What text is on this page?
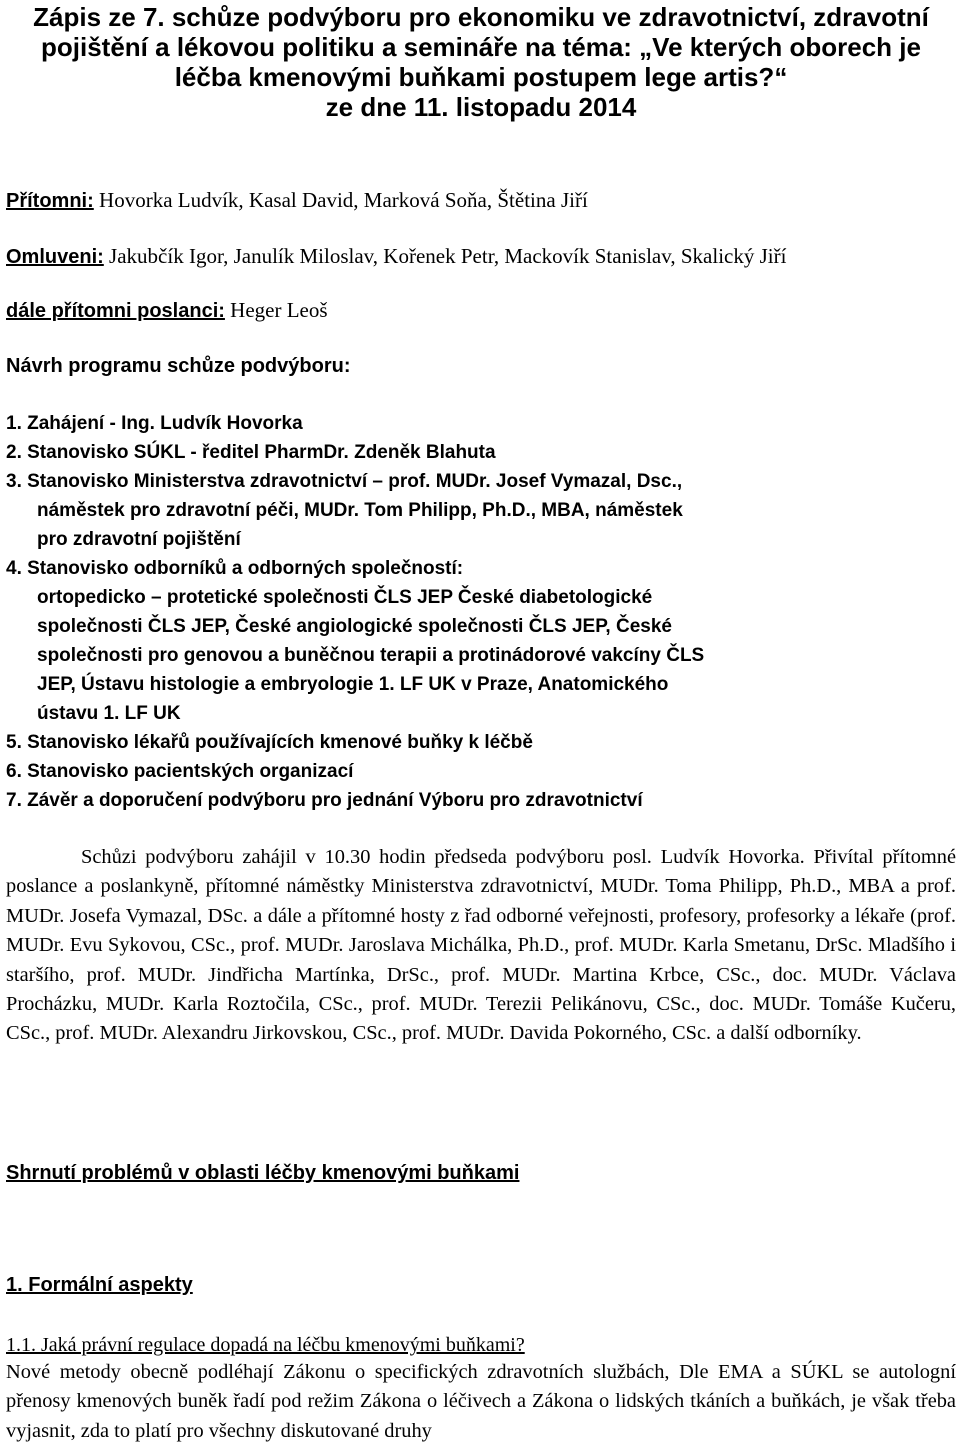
Zápis ze 7. schůze podvýboru pro ekonomiku ve zdravotnictví, zdravotní
pojištění a lékovou politiku a semináře na téma: „Ve kterých oborech je
léčba kmenovými buňkami postupem lege artis?“
ze dne 11. listopadu 2014
Přítomni: Hovorka Ludvík, Kasal David, Marková Soňa, Štětina Jiří
Omluveni: Jakubčík Igor, Janulík Miloslav, Kořenek Petr, Mackovík Stanislav, Skalický Jiří
dále přítomni poslanci: Heger Leoš
Návrh programu schůze podvýboru:
1. Zahájení - Ing. Ludvík Hovorka
2. Stanovisko SÚKL - ředitel PharmDr. Zdeněk Blahuta
3. Stanovisko Ministerstva zdravotnictví – prof. MUDr. Josef Vymazal, Dsc.,
náměstek pro zdravotní péči, MUDr. Tom Philipp, Ph.D., MBA, náměstek
pro zdravotní pojištění
4. Stanovisko odborníků a odborných společností:
ortopedicko – protetické společnosti ČLS JEP České diabetologické
společnosti ČLS JEP, České angiologické společnosti ČLS JEP, České
společnosti pro genovou a buněčnou terapii a protinádorové vakcíny ČLS
JEP, Ústavu histologie a embryologie 1. LF UK v Praze, Anatomického
ústavu 1. LF UK
5. Stanovisko lékařů používajících kmenové buňky k léčbě
6. Stanovisko pacientských organizací
7. Závěr a doporučení podvýboru pro jednání Výboru pro zdravotnictví
Schůzi podvýboru zahájil v 10.30 hodin předseda podvýboru posl. Ludvík Hovorka. Přivítal přítomné poslance a poslankyně, přítomné náměstky Ministerstva zdravotnictví, MUDr. Toma Philipp, Ph.D., MBA a prof. MUDr. Josefa Vymazal, DSc. a dále a přítomné hosty z řad odborné veřejnosti, profesory, profesorky a lékaře (prof. MUDr. Evu Sykovou, CSc., prof. MUDr. Jaroslava Michálka, Ph.D., prof. MUDr. Karla Smetanu, DrSc. Mladšího i staršího, prof. MUDr. Jindřicha Martínka, DrSc., prof. MUDr. Martina Krbce, CSc., doc. MUDr. Václava Procházku, MUDr. Karla Roztočila, CSc., prof. MUDr. Terezii Pelikánovu, CSc., doc. MUDr. Tomáše Kučeru, CSc., prof. MUDr. Alexandru Jirkovskou, CSc., prof. MUDr. Davida Pokorného, CSc. a další odborníky.
Shrnutí problémů v oblasti léčby kmenovými buňkami
1. Formální aspekty
1.1. Jaká právní regulace dopadá na léčbu kmenovými buňkami?
Nové metody obecně podléhají Zákonu o specifických zdravotních službách, Dle EMA a SÚKL se autologní přenosy kmenových buněk řadí pod režim Zákona o léčivech a Zákona o lidských tkáních a buňkách, je však třeba vyjasnit, zda to platí pro všechny diskutované druhy
